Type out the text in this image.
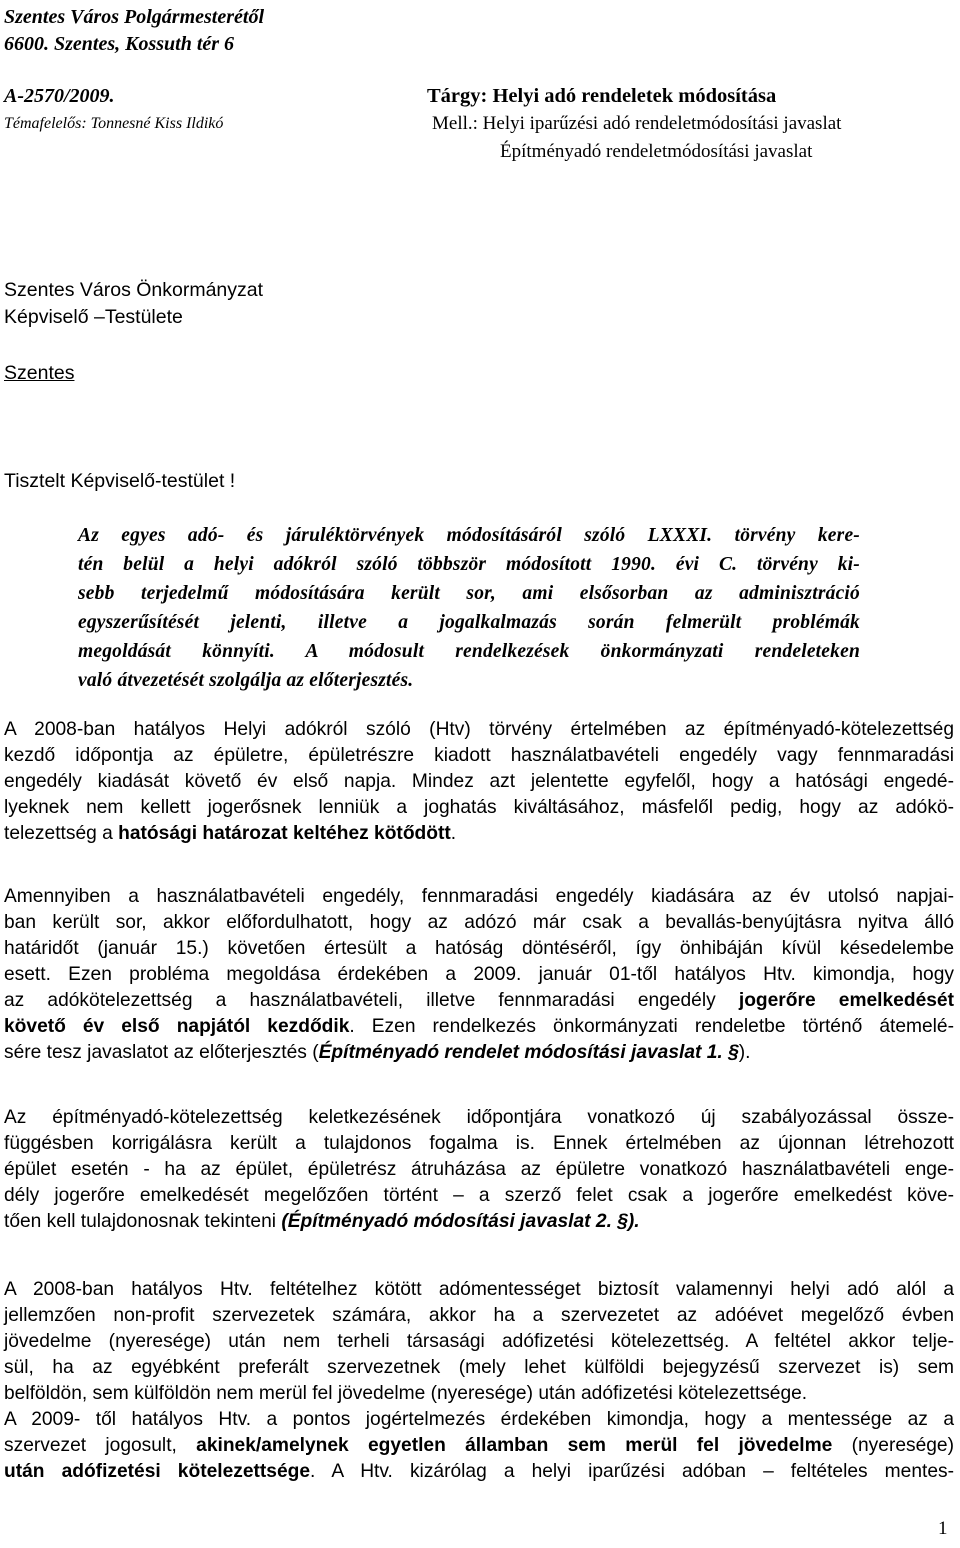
Szentes Város Polgármesterétől
6600. Szentes, Kossuth tér 6
A-2570/2009.
Témafelelős: Tonnesné Kiss Ildikó
Tárgy: Helyi adó rendeletek módosítása
Mell.: Helyi iparűzési adó rendeletmódosítási javaslat
Építményadó rendeletmódosítási javaslat
Szentes Város Önkormányzat
Képviselő –Testülete
Szentes
Tisztelt Képviselő-testület !
Az egyes adó- és járuléktörvények módosításáról szóló LXXXI. törvény kere-
tén belül a helyi adókról szóló többször módosított 1990. évi C. törvény ki-
sebb terjedelmű módosítására került sor, ami elsősorban az adminisztráció
egyszerűsítését jelenti, illetve a jogalkalmazás során felmerült problémák
megoldását könnyíti. A módosult rendelkezések önkormányzati rendeleteken
való átvezetését szolgálja az előterjesztés.
A 2008-ban hatályos Helyi adókról szóló (Htv) törvény értelmében az építményadó-kötelezettség
kezdő időpontja az épületre, épületrészre kiadott használatbavételi engedély vagy fennmaradási
engedély kiadását követő év első napja. Mindez azt jelentette egyfelől, hogy a hatósági engedé-
lyeknek nem kellett jogerősnek lenniük a joghatás kiváltásához, másfelől pedig, hogy az adókö-
telezettség a hatósági határozat keltéhez kötődött.
Amennyiben a használatbavételi engedély, fennmaradási engedély kiadására az év utolsó napjai-
ban került sor, akkor előfordulhatott, hogy az adózó már csak a bevallás-benyújtásra nyitva álló
határidőt (január 15.) követően értesült a hatóság döntéséről, így önhibáján kívül késedelembe
esett. Ezen probléma megoldása érdekében a 2009. január 01-től hatályos Htv. kimondja, hogy
az adókötelezettség a használatbavételi, illetve fennmaradási engedély jogerőre emelkedését
követő év első napjától kezdődik. Ezen rendelkezés önkormányzati rendeletbe történő átemelé-
sére tesz javaslatot az előterjesztés (Építményadó rendelet módosítási javaslat 1. §).
Az építményadó-kötelezettség keletkezésének időpontjára vonatkozó új szabályozással össze-
függésben korrigálásra került a tulajdonos fogalma is. Ennek értelmében az újonnan létrehozott
épület esetén - ha az épület, épületrész átruházása az épületre vonatkozó használatbavételi enge-
dély jogerőre emelkedését megelőzően történt – a szerző felet csak a jogerőre emelkedést köve-
tően kell tulajdonosnak tekinteni (Építményadó módosítási javaslat 2. §).
A 2008-ban hatályos Htv. feltételhez kötött adómentességet biztosít valamennyi helyi adó alól a
jellemzően non-profit szervezetek számára, akkor ha a szervezetet az adóévet megelőző évben
jövedelme (nyeresége) után nem terheli társasági adófizetési kötelezettség. A feltétel akkor telje-
sül, ha az egyébként preferált szervezetnek (mely lehet külföldi bejegyzésű szervezet is) sem
belföldön, sem külföldön nem merül fel jövedelme (nyeresége) után adófizetési kötelezettsége.
A 2009- től hatályos Htv. a pontos jogértelmezés érdekében kimondja, hogy a mentessége az a
szervezet jogosult, akinek/amelynek egyetlen államban sem merül fel jövedelme (nyeresége)
után adófizetési kötelezettsége. A Htv. kizárólag a helyi iparűzési adóban – feltételes mentes-
1
